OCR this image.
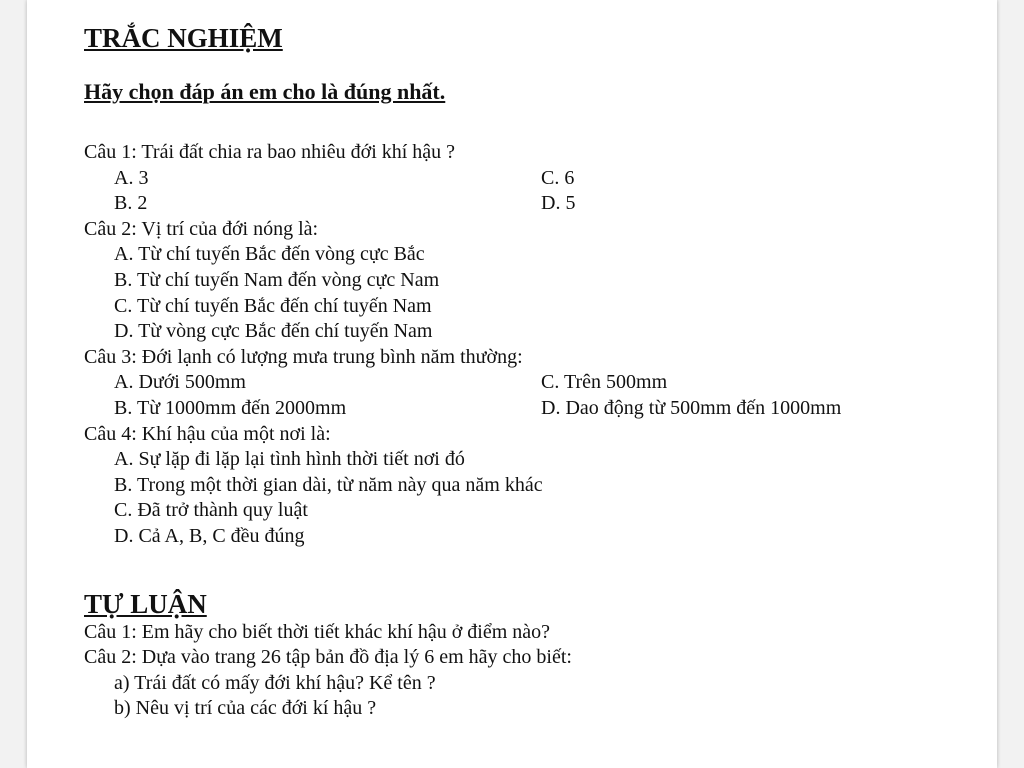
TRẮC NGHIỆM
Hãy chọn đáp án em cho là đúng nhất.
Câu 1: Trái đất chia ra bao nhiêu đới khí hậu ?
A. 3	C. 6
B. 2	D. 5
Câu 2: Vị trí của đới nóng là:
A. Từ chí tuyến Bắc đến vòng cực Bắc
B. Từ chí tuyến Nam đến vòng cực Nam
C. Từ chí tuyến Bắc đến chí tuyến Nam
D. Từ vòng cực Bắc đến chí tuyến Nam
Câu 3: Đới lạnh có lượng mưa trung bình năm thường:
A. Dưới 500mm	C. Trên 500mm
B. Từ 1000mm đến 2000mm	D. Dao động từ 500mm đến 1000mm
Câu 4: Khí hậu của một nơi là:
A. Sự lặp đi lặp lại tình hình thời tiết nơi đó
B. Trong một thời gian dài, từ năm này qua năm khác
C. Đã trở thành quy luật
D. Cả A, B, C đều đúng
TỰ LUẬN
Câu 1: Em hãy cho biết thời tiết khác khí hậu ở điểm nào?
Câu 2: Dựa vào trang 26 tập bản đồ địa lý 6 em hãy cho biết:
a) Trái đất có mấy đới khí hậu? Kể tên ?
b) Nêu vị trí của các đới kí hậu ?
